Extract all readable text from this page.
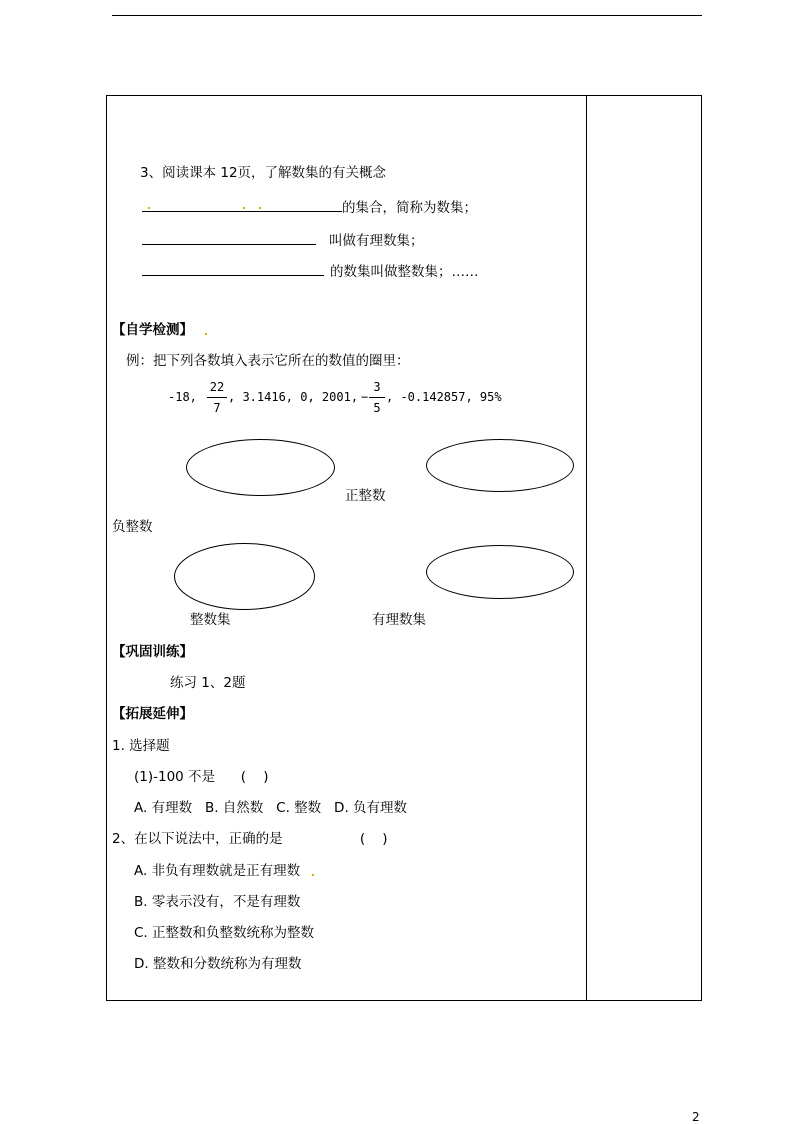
3、阅读课本 12页，了解数集的有关概念
的集合，简称为数集；
叫做有理数集；
的数集叫做整数集；……
【自学检测】
例：把下列各数填入表示它所在的数值的圈里：
-18,
22
7
, 3.1416, 0, 2001, −
3
5
, -0.142857, 95%
正整数
负整数
整数集	有理数集
【巩固训练】
练习 1、2题
【拓展延伸】
1. 选择题
(1)-100 不是      (    )
A. 有理数   B. 自然数   C. 整数   D. 负有理数
2、在以下说法中，正确的是                  (    )
A. 非负有理数就是正有理数
B. 零表示没有，不是有理数
C. 正整数和负整数统称为整数
D. 整数和分数统称为有理数
2
